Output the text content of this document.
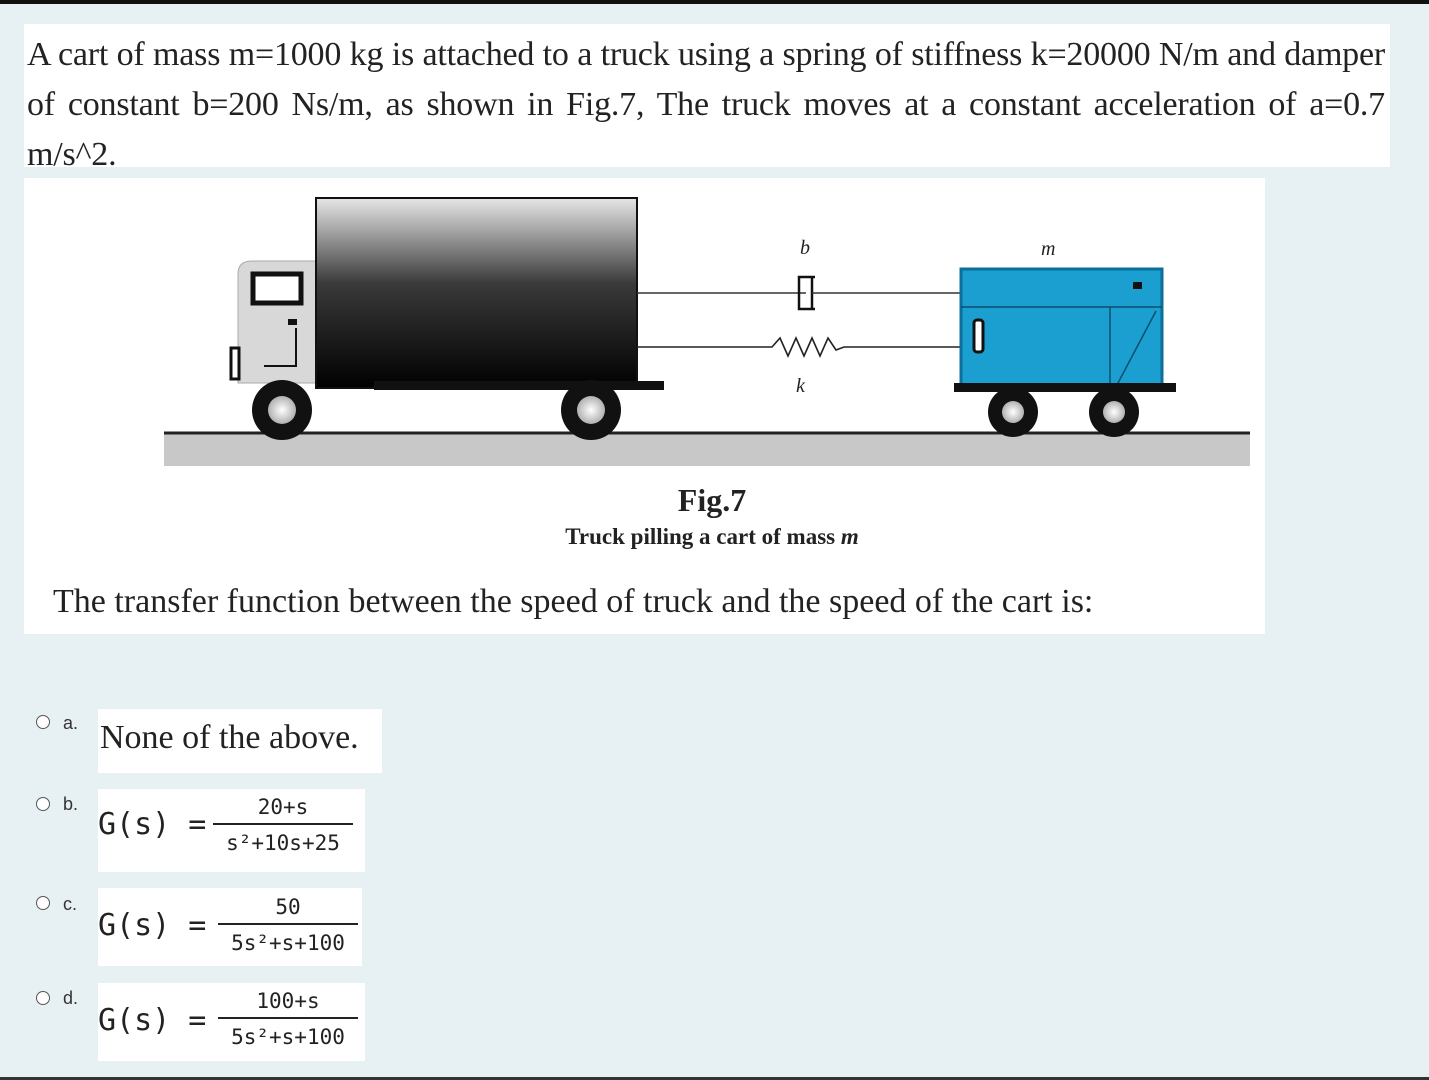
A cart of mass m=1000 kg is attached to a truck using a spring of stiffness k=20000 N/m and damper of constant b=200 Ns/m, as shown in Fig.7, The truck moves at a constant acceleration of a=0.7 m/s^2.
b
k
m
Fig.7
Truck pilling a cart of mass m
The transfer function between the speed of truck and the speed of the cart is:
a. None of the above.
b.
G(s) =	20+s
s²+10s+25
c.
G(s) =
50
5s²+s+100
d.
G(s) =
100+s
5s²+s+100
